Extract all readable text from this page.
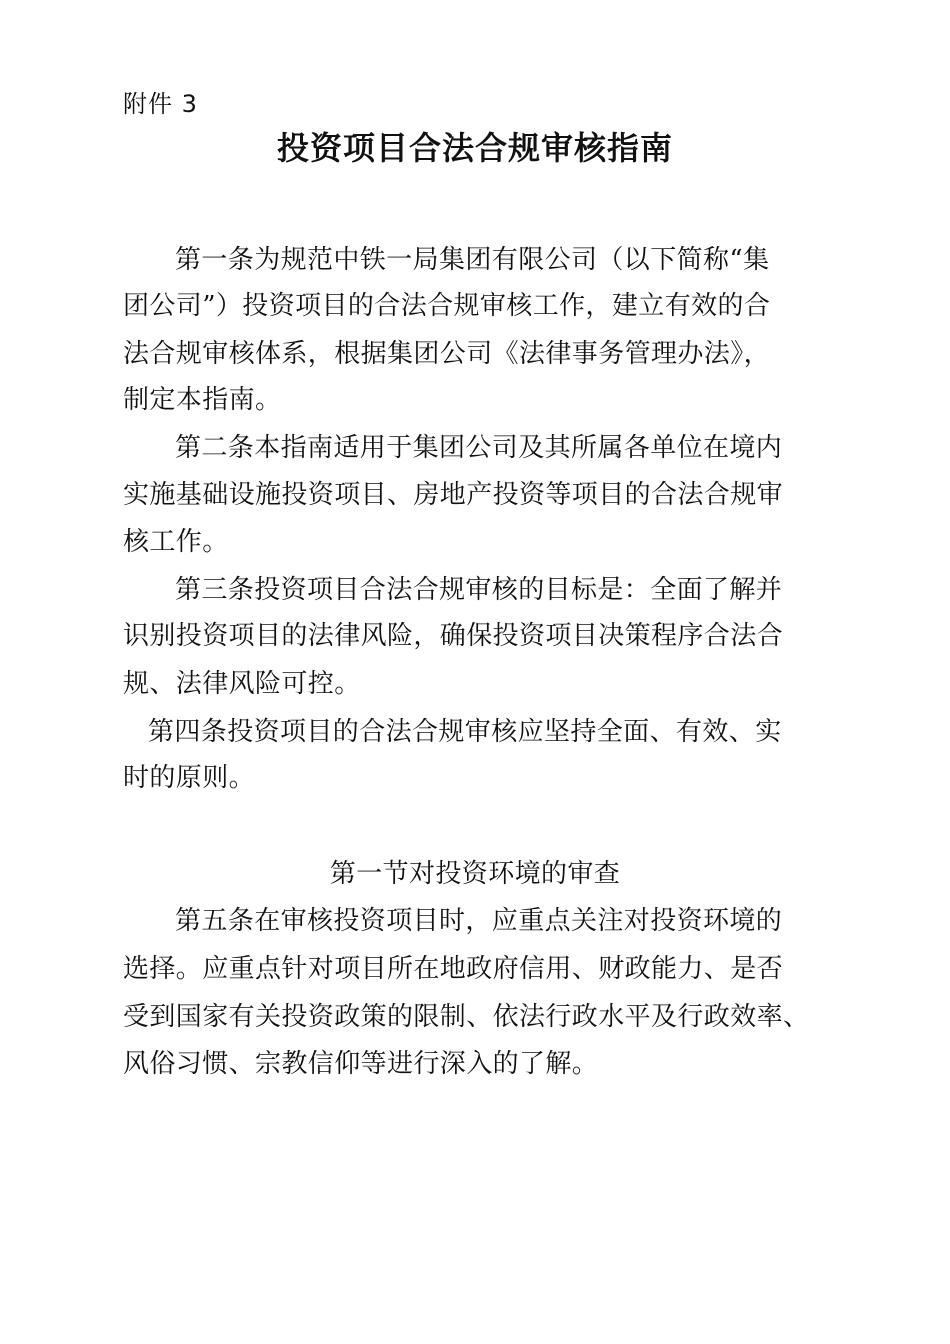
附件 3
投资项目合法合规审核指南
第一条为规范中铁一局集团有限公司（以下简称“集
团公司”）投资项目的合法合规审核工作，建立有效的合
法合规审核体系，根据集团公司《法律事务管理办法》，
制定本指南。
第二条本指南适用于集团公司及其所属各单位在境内
实施基础设施投资项目、房地产投资等项目的合法合规审
核工作。
第三条投资项目合法合规审核的目标是：全面了解并
识别投资项目的法律风险，确保投资项目决策程序合法合
规、法律风险可控。
第四条投资项目的合法合规审核应坚持全面、有效、实
时的原则。
第一节对投资环境的审查
第五条在审核投资项目时，应重点关注对投资环境的
选择。应重点针对项目所在地政府信用、财政能力、是否
受到国家有关投资政策的限制、依法行政水平及行政效率、
风俗习惯、宗教信仰等进行深入的了解。
